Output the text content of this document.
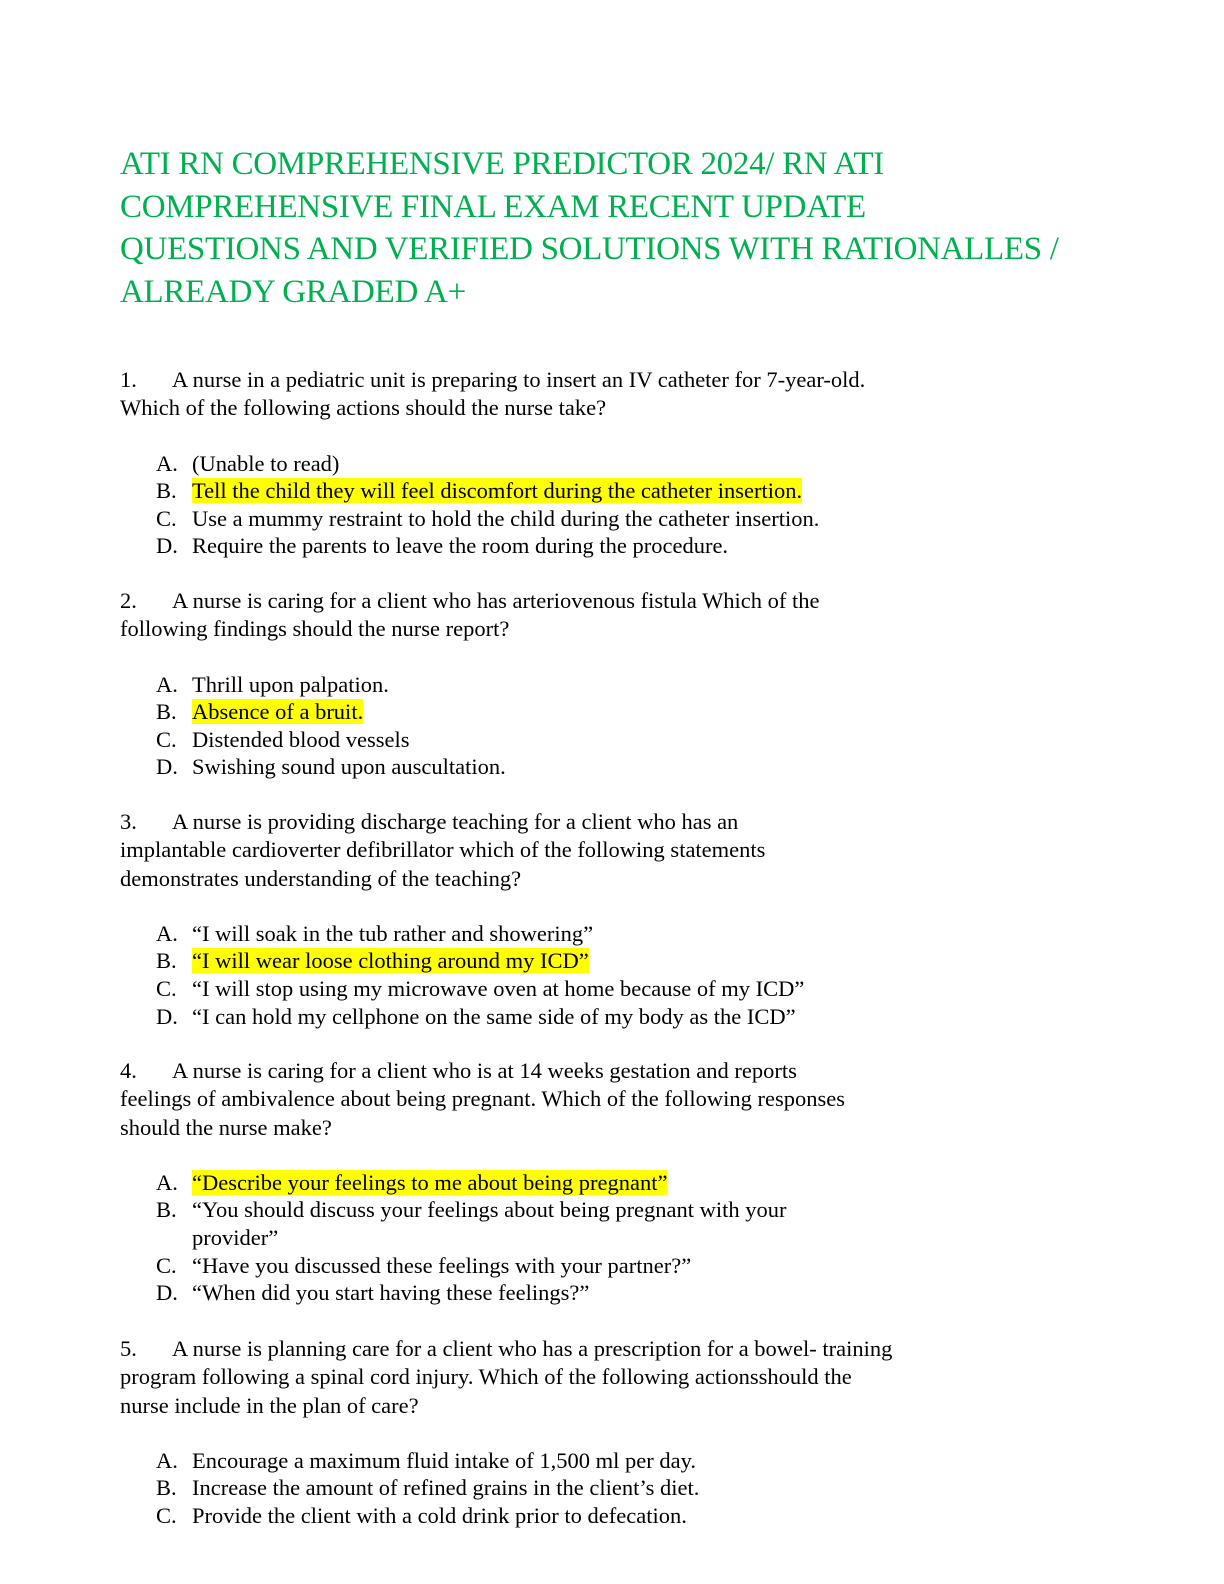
ATI RN COMPREHENSIVE PREDICTOR 2024/ RN ATI
COMPREHENSIVE FINAL EXAM RECENT UPDATE
QUESTIONS AND VERIFIED SOLUTIONS WITH RATIONALLES /
ALREADY GRADED A+

1. A nurse in a pediatric unit is preparing to insert an IV catheter for 7-year-old.
Which of the following actions should the nurse take?

A. (Unable to read)
B. Tell the child they will feel discomfort during the catheter insertion.
C. Use a mummy restraint to hold the child during the catheter insertion.
D. Require the parents to leave the room during the procedure.

2. A nurse is caring for a client who has arteriovenous fistula Which of the
following findings should the nurse report?

A. Thrill upon palpation.
B. Absence of a bruit.
C. Distended blood vessels
D. Swishing sound upon auscultation.

3. A nurse is providing discharge teaching for a client who has an
implantable cardioverter defibrillator which of the following statements
demonstrates understanding of the teaching?

A. “I will soak in the tub rather and showering”
B. “I will wear loose clothing around my ICD”
C. “I will stop using my microwave oven at home because of my ICD”
D. “I can hold my cellphone on the same side of my body as the ICD”

4. A nurse is caring for a client who is at 14 weeks gestation and reports
feelings of ambivalence about being pregnant. Which of the following responses
should the nurse make?

A. “Describe your feelings to me about being pregnant”
B. “You should discuss your feelings about being pregnant with your
provider”
C. “Have you discussed these feelings with your partner?”
D. “When did you start having these feelings?”

5. A nurse is planning care for a client who has a prescription for a bowel- training
program following a spinal cord injury. Which of the following actionsshould the
nurse include in the plan of care?

A. Encourage a maximum fluid intake of 1,500 ml per day.
B. Increase the amount of refined grains in the client’s diet.
C. Provide the client with a cold drink prior to defecation.
